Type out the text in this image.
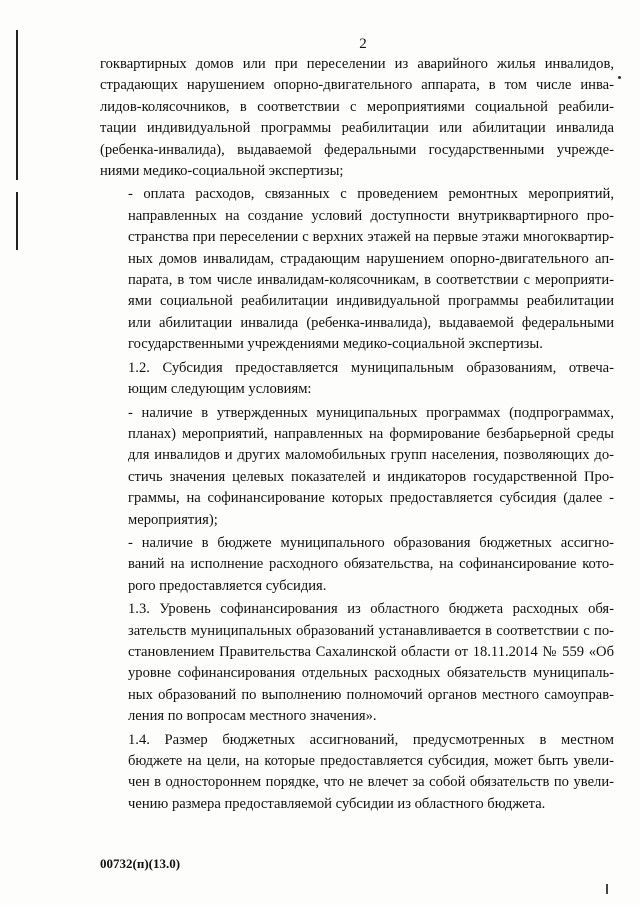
2

гоквартирных домов или при переселении из аварийного жилья инвалидов,
страдающих нарушением опорно-двигательного аппарата, в том числе инва-
лидов-колясочников, в соответствии с мероприятиями социальной реабили-
тации индивидуальной программы реабилитации или абилитации инвалида
(ребенка-инвалида), выдаваемой федеральными государственными учрежде-
ниями медико-социальной экспертизы;

- оплата расходов, связанных с проведением ремонтных мероприятий,
направленных на создание условий доступности внутриквартирного про-
странства при переселении с верхних этажей на первые этажи многоквартир-
ных домов инвалидам, страдающим нарушением опорно-двигательного ап-
парата, в том числе инвалидам-колясочникам, в соответствии с мероприяти-
ями социальной реабилитации индивидуальной программы реабилитации
или абилитации инвалида (ребенка-инвалида), выдаваемой федеральными
государственными учреждениями медико-социальной экспертизы.

1.2. Субсидия предоставляется муниципальным образованиям, отвеча-
ющим следующим условиям:

- наличие в утвержденных муниципальных программах (подпрограммах,
планах) мероприятий, направленных на формирование безбарьерной среды
для инвалидов и других маломобильных групп населения, позволяющих до-
стичь значения целевых показателей и индикаторов государственной Про-
граммы, на софинансирование которых предоставляется субсидия (далее -
мероприятия);

- наличие в бюджете муниципального образования бюджетных ассигно-
ваний на исполнение расходного обязательства, на софинансирование кото-
рого предоставляется субсидия.

1.3. Уровень софинансирования из областного бюджета расходных обя-
зательств муниципальных образований устанавливается в соответствии с по-
становлением Правительства Сахалинской области от 18.11.2014 № 559 «Об
уровне софинансирования отдельных расходных обязательств муниципаль-
ных образований по выполнению полномочий органов местного самоуправ-
ления по вопросам местного значения».

1.4. Размер бюджетных ассигнований, предусмотренных в местном
бюджете на цели, на которые предоставляется субсидия, может быть увели-
чен в одностороннем порядке, что не влечет за собой обязательств по увели-
чению размера предоставляемой субсидии из областного бюджета.

00732(п)(13.0)
